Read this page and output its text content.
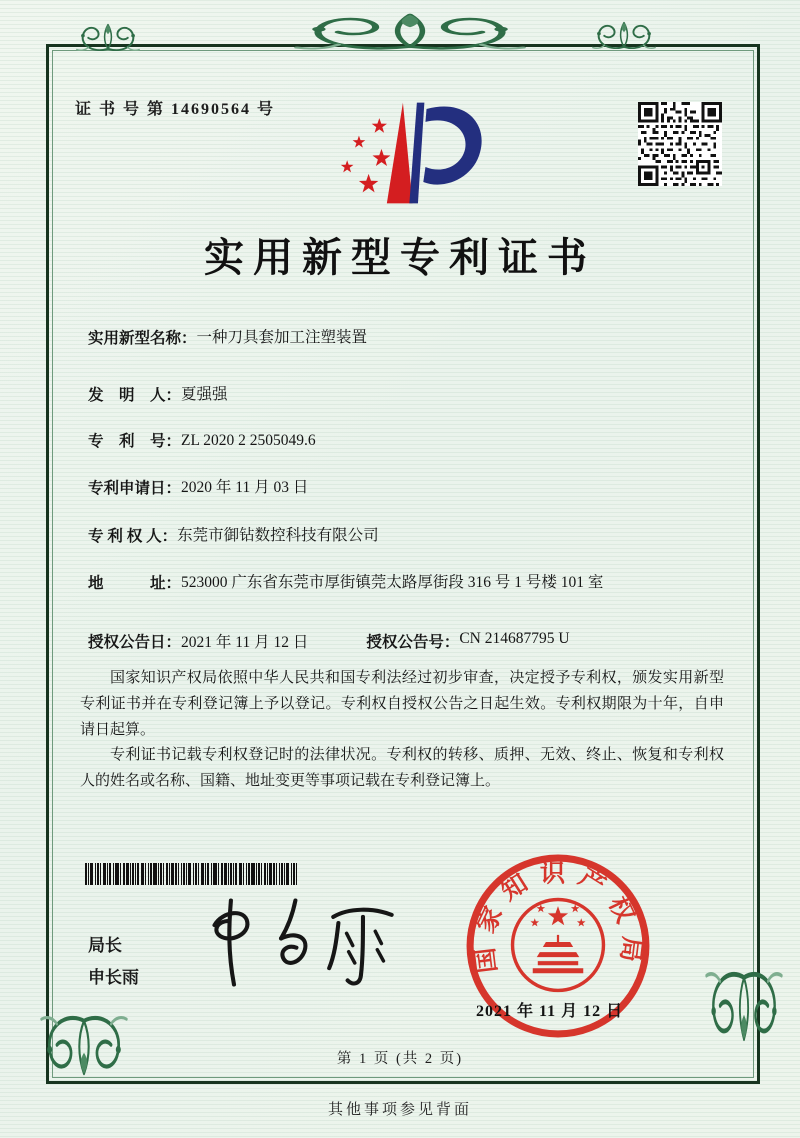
证 书 号 第 14690564 号
实用新型专利证书
实用新型名称： 一种刀具套加工注塑装置
发　明　人： 夏强强
专　利　号： ZL 2020 2 2505049.6
专利申请日： 2020 年 11 月 03 日
专 利 权 人： 东莞市御钻数控科技有限公司
地　　　址： 523000 广东省东莞市厚街镇莞太路厚街段 316 号 1 号楼 101 室
授权公告日： 2021 年 11 月 12 日	授权公告号： CN 214687795 U

国家知识产权局依照中华人民共和国专利法经过初步审查，决定授予专利权，颁发实用新型专利证书并在专利登记簿上予以登记。专利权自授权公告之日起生效。专利权期限为十年，自申请日起算。

专利证书记载专利权登记时的法律状况。专利权的转移、质押、无效、终止、恢复和专利权人的姓名或名称、国籍、地址变更等事项记载在专利登记簿上。

局长
申长雨
国家知识产权局
2021 年 11 月 12 日
第 1 页 (共 2 页)
其他事项参见背面
